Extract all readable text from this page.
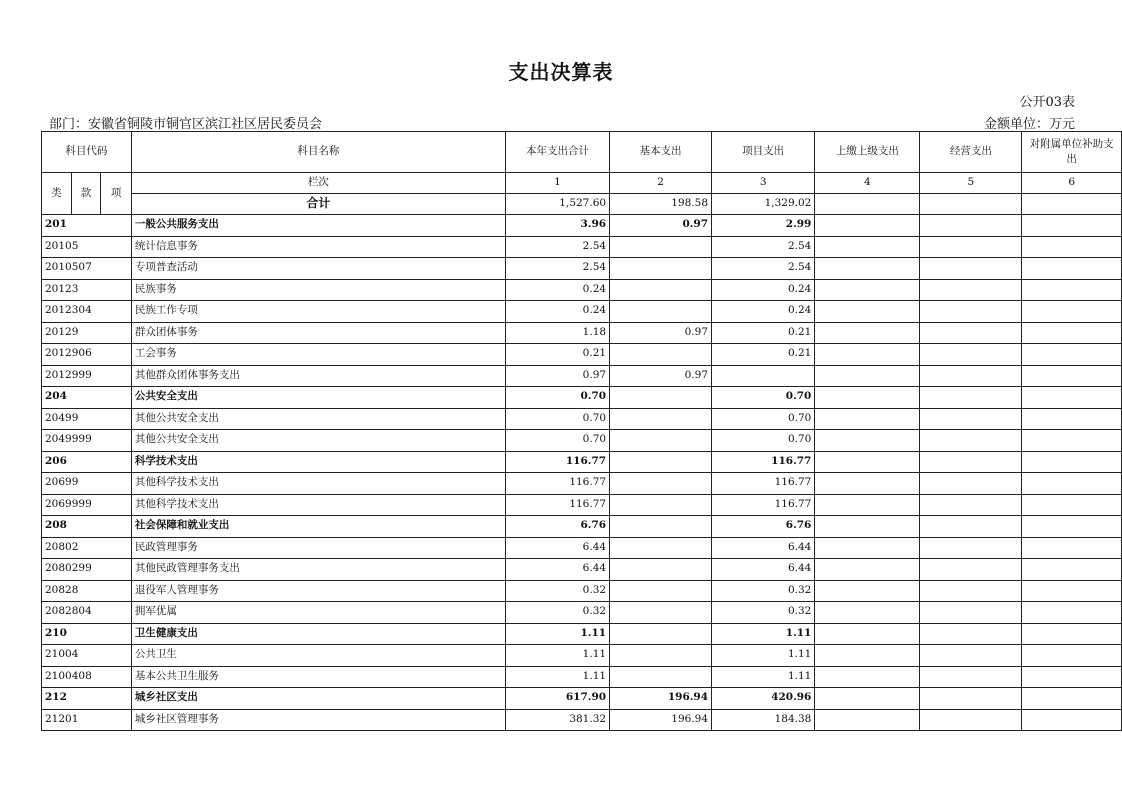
支出决算表
公开03表
部门：安徽省铜陵市铜官区滨江社区居民委员会	金额单位：万元
科目代码			科目名称	本年支出合计	基本支出	项目支出	上缴上级支出	经营支出	对附属单位补助支出
类	款	项	栏次	1	2	3	4	5	6
			合计	1,527.60	198.58	1,329.02			
201			一般公共服务支出	3.96	0.97	2.99			
20105			统计信息事务	2.54		2.54			
2010507			专项普查活动	2.54		2.54			
20123			民族事务	0.24		0.24			
2012304			民族工作专项	0.24		0.24			
20129			群众团体事务	1.18	0.97	0.21			
2012906			工会事务	0.21		0.21			
2012999			其他群众团体事务支出	0.97	0.97				
204			公共安全支出	0.70		0.70			
20499			其他公共安全支出	0.70		0.70			
2049999			其他公共安全支出	0.70		0.70			
206			科学技术支出	116.77		116.77			
20699			其他科学技术支出	116.77		116.77			
2069999			其他科学技术支出	116.77		116.77			
208			社会保障和就业支出	6.76		6.76			
20802			民政管理事务	6.44		6.44			
2080299			其他民政管理事务支出	6.44		6.44			
20828			退役军人管理事务	0.32		0.32			
2082804			拥军优属	0.32		0.32			
210			卫生健康支出	1.11		1.11			
21004			公共卫生	1.11		1.11			
2100408			基本公共卫生服务	1.11		1.11			
212			城乡社区支出	617.90	196.94	420.96			
21201			城乡社区管理事务	381.32	196.94	184.38			
